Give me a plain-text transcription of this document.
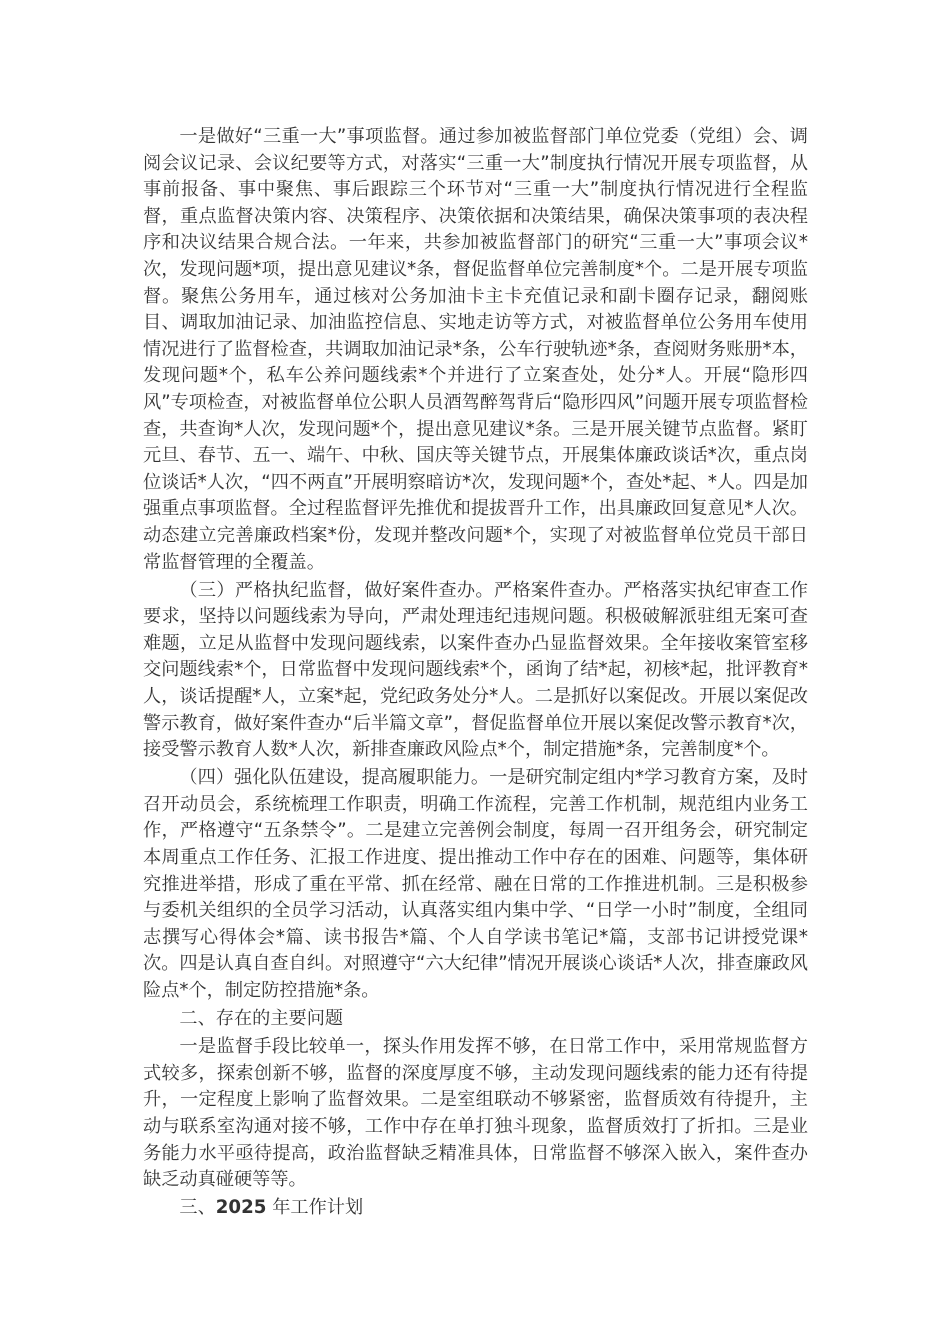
一是做好“三重一大”事项监督。通过参加被监督部门单位党委（党组）会、调阅会议记录、会议纪要等方式，对落实“三重一大”制度执行情况开展专项监督，从事前报备、事中聚焦、事后跟踪三个环节对“三重一大”制度执行情况进行全程监督，重点监督决策内容、决策程序、决策依据和决策结果，确保决策事项的表决程序和决议结果合规合法。一年来，共参加被监督部门的研究“三重一大”事项会议*次，发现问题*项，提出意见建议*条，督促监督单位完善制度*个。二是开展专项监督。聚焦公务用车，通过核对公务加油卡主卡充值记录和副卡圈存记录，翻阅账目、调取加油记录、加油监控信息、实地走访等方式，对被监督单位公务用车使用情况进行了监督检查，共调取加油记录*条，公车行驶轨迹*条，查阅财务账册*本，发现问题*个，私车公养问题线索*个并进行了立案查处，处分*人。开展“隐形四风”专项检查，对被监督单位公职人员酒驾醉驾背后“隐形四风”问题开展专项监督检查，共查询*人次，发现问题*个，提出意见建议*条。三是开展关键节点监督。紧盯元旦、春节、五一、端午、中秋、国庆等关键节点，开展集体廉政谈话*次，重点岗位谈话*人次，“四不两直”开展明察暗访*次，发现问题*个，查处*起、*人。四是加强重点事项监督。全过程监督评先推优和提拔晋升工作，出具廉政回复意见*人次。动态建立完善廉政档案*份，发现并整改问题*个，实现了对被监督单位党员干部日常监督管理的全覆盖。

（三）严格执纪监督，做好案件查办。严格案件查办。严格落实执纪审查工作要求，坚持以问题线索为导向，严肃处理违纪违规问题。积极破解派驻组无案可查难题，立足从监督中发现问题线索，以案件查办凸显监督效果。全年接收案管室移交问题线索*个，日常监督中发现问题线索*个，函询了结*起，初核*起，批评教育*人，谈话提醒*人，立案*起，党纪政务处分*人。二是抓好以案促改。开展以案促改警示教育，做好案件查办“后半篇文章”，督促监督单位开展以案促改警示教育*次，接受警示教育人数*人次，新排查廉政风险点*个，制定措施*条，完善制度*个。

（四）强化队伍建设，提高履职能力。一是研究制定组内*学习教育方案，及时召开动员会，系统梳理工作职责，明确工作流程，完善工作机制，规范组内业务工作，严格遵守“五条禁令”。二是建立完善例会制度，每周一召开组务会，研究制定本周重点工作任务、汇报工作进度、提出推动工作中存在的困难、问题等，集体研究推进举措，形成了重在平常、抓在经常、融在日常的工作推进机制。三是积极参与委机关组织的全员学习活动，认真落实组内集中学、“日学一小时”制度，全组同志撰写心得体会*篇、读书报告*篇、个人自学读书笔记*篇，支部书记讲授党课*次。四是认真自查自纠。对照遵守“六大纪律”情况开展谈心谈话*人次，排查廉政风险点*个，制定防控措施*条。

二、存在的主要问题

一是监督手段比较单一，探头作用发挥不够，在日常工作中，采用常规监督方式较多，探索创新不够，监督的深度厚度不够，主动发现问题线索的能力还有待提升，一定程度上影响了监督效果。二是室组联动不够紧密，监督质效有待提升，主动与联系室沟通对接不够，工作中存在单打独斗现象，监督质效打了折扣。三是业务能力水平亟待提高，政治监督缺乏精准具体，日常监督不够深入嵌入，案件查办缺乏动真碰硬等等。

三、2025 年工作计划
